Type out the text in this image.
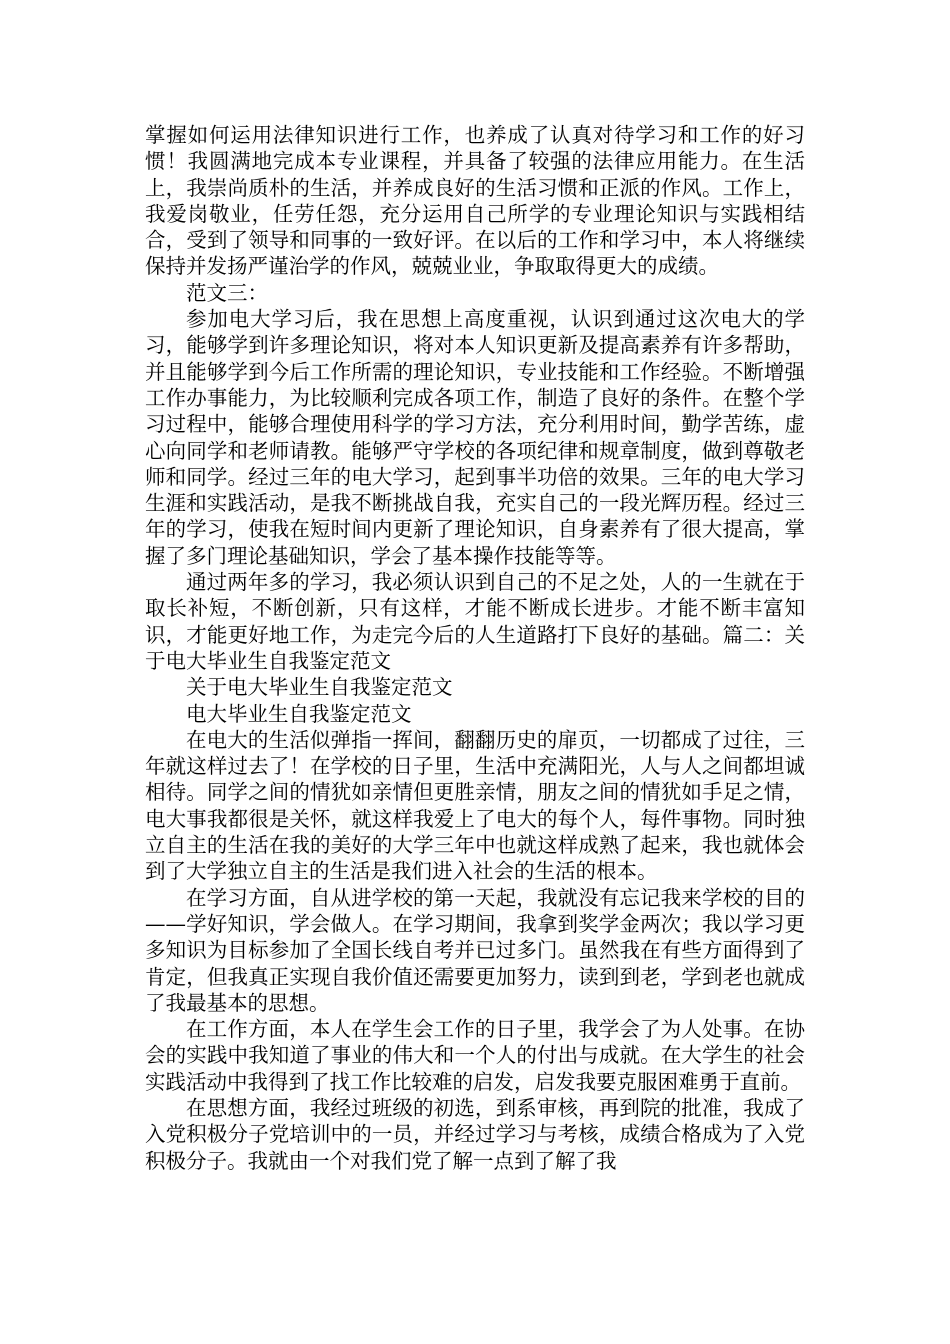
掌握如何运用法律知识进行工作，也养成了认真对待学习和工作的好习惯！我圆满地完成本专业课程，并具备了较强的法律应用能力。在生活上，我崇尚质朴的生活，并养成良好的生活习惯和正派的作风。工作上，我爱岗敬业，任劳任怨，充分运用自己所学的专业理论知识与实践相结合，受到了领导和同事的一致好评。在以后的工作和学习中，本人将继续保持并发扬严谨治学的作风，兢兢业业，争取取得更大的成绩。

范文三：

参加电大学习后，我在思想上高度重视，认识到通过这次电大的学习，能够学到许多理论知识，将对本人知识更新及提高素养有许多帮助，并且能够学到今后工作所需的理论知识，专业技能和工作经验。不断增强工作办事能力，为比较顺利完成各项工作，制造了良好的条件。在整个学习过程中，能够合理使用科学的学习方法，充分利用时间，勤学苦练，虚心向同学和老师请教。能够严守学校的各项纪律和规章制度，做到尊敬老师和同学。经过三年的电大学习，起到事半功倍的效果。三年的电大学习生涯和实践活动，是我不断挑战自我，充实自己的一段光辉历程。经过三年的学习，使我在短时间内更新了理论知识，自身素养有了很大提高，掌握了多门理论基础知识，学会了基本操作技能等等。

通过两年多的学习，我必须认识到自己的不足之处，人的一生就在于取长补短，不断创新，只有这样，才能不断成长进步。才能不断丰富知识，才能更好地工作，为走完今后的人生道路打下良好的基础。篇二：关于电大毕业生自我鉴定范文

关于电大毕业生自我鉴定范文

电大毕业生自我鉴定范文

在电大的生活似弹指一挥间，翻翻历史的扉页，一切都成了过往，三年就这样过去了！在学校的日子里，生活中充满阳光，人与人之间都坦诚相待。同学之间的情犹如亲情但更胜亲情，朋友之间的情犹如手足之情，电大事我都很是关怀，就这样我爱上了电大的每个人，每件事物。同时独立自主的生活在我的美好的大学三年中也就这样成熟了起来，我也就体会到了大学独立自主的生活是我们进入社会的生活的根本。

在学习方面，自从进学校的第一天起，我就没有忘记我来学校的目的——学好知识，学会做人。在学习期间，我拿到奖学金两次；我以学习更多知识为目标参加了全国长线自考并已过多门。虽然我在有些方面得到了肯定，但我真正实现自我价值还需要更加努力，读到到老，学到老也就成了我最基本的思想。

在工作方面，本人在学生会工作的日子里，我学会了为人处事。在协会的实践中我知道了事业的伟大和一个人的付出与成就。在大学生的社会实践活动中我得到了找工作比较难的启发，启发我要克服困难勇于直前。

在思想方面，我经过班级的初选，到系审核，再到院的批准，我成了入党积极分子党培训中的一员，并经过学习与考核，成绩合格成为了入党积极分子。我就由一个对我们党了解一点到了解了我
